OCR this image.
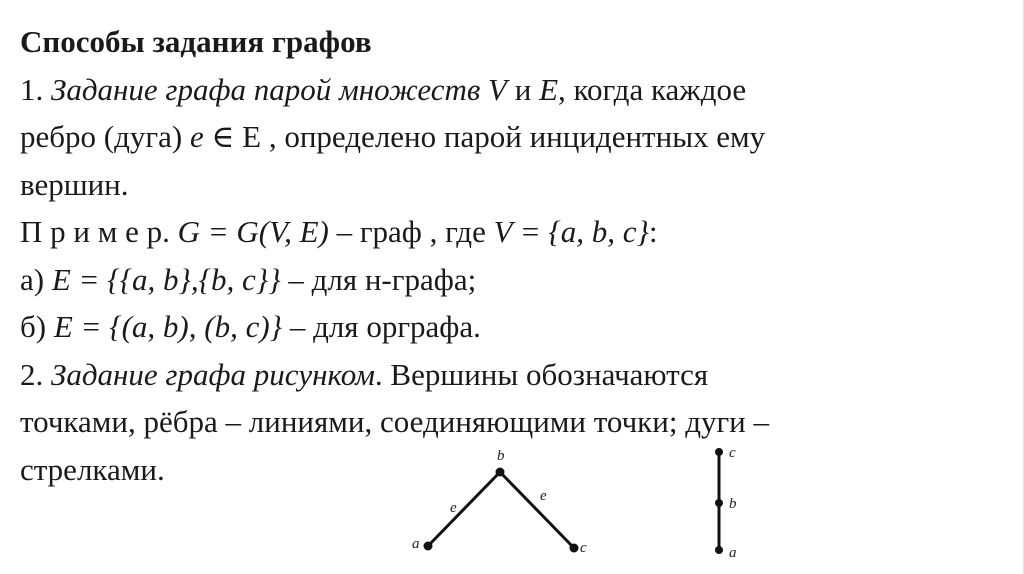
Способы задания графов
1. Задание графа парой множеств V и E, когда каждое
ребро (дуга) e ∈ Е , определено парой инцидентных ему
вершин.
П р и м е р. G = G(V, E) – граф , где V = {a, b, c}:
а) E = {{a, b},{b, c}} – для н-графа;
б) E = {(a, b), (b, c)} – для орграфа.
2. Задание графа рисунком. Вершины обозначаются
точками, рёбра – линиями, соединяющими точки; дуги –
стрелками.
a
b
c
e
e
c
b
a
